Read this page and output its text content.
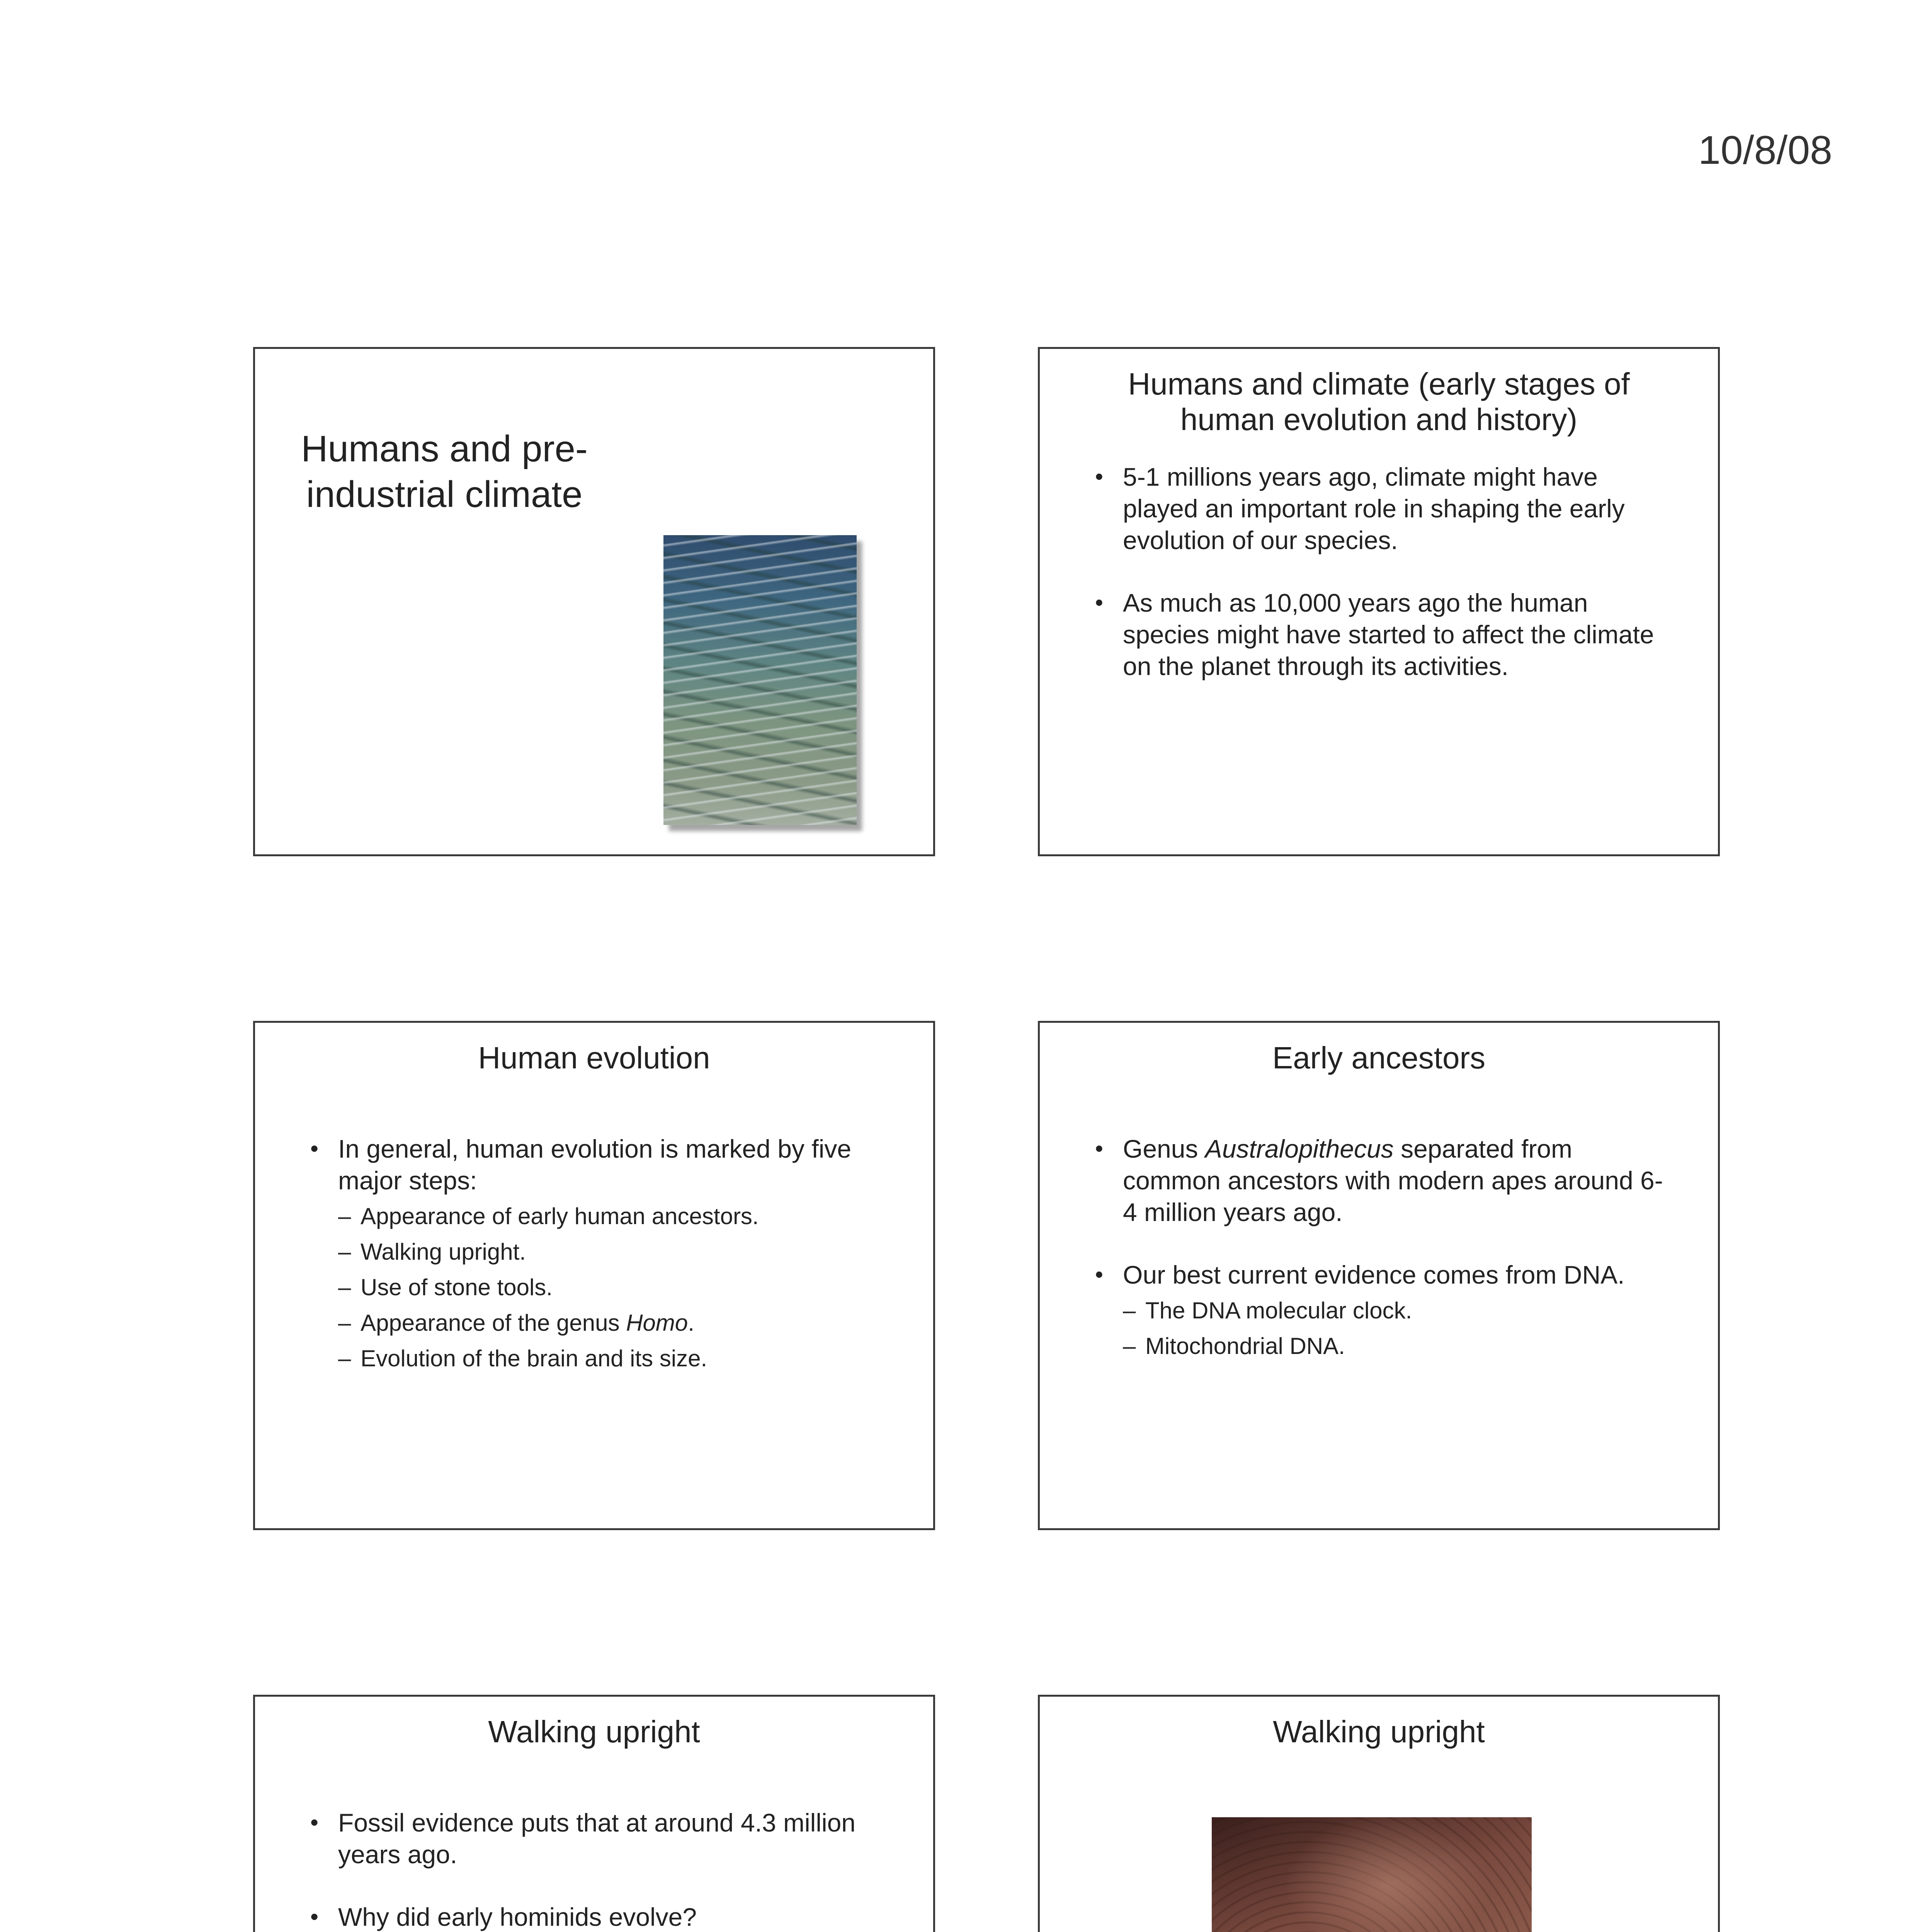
10/8/08
Humans and pre-industrial climate
Humans and climate (early stages of human evolution and history)
• 5-1 millions years ago, climate might have played an important role in shaping the early evolution of our species.
• As much as 10,000 years ago the human species might have started to affect the climate on the planet through its activities.
Human evolution
• In general, human evolution is marked by five major steps:
– Appearance of early human ancestors.
– Walking upright.
– Use of stone tools.
– Appearance of the genus Homo.
– Evolution of the brain and its size.
Early ancestors
• Genus Australopithecus separated from common ancestors with modern apes around 6-4 million years ago.
• Our best current evidence comes from DNA.
– The DNA molecular clock.
– Mitochondrial DNA.
Walking upright
• Fossil evidence puts that at around 4.3 million years ago.
• Why did early hominids evolve?
Walking upright
